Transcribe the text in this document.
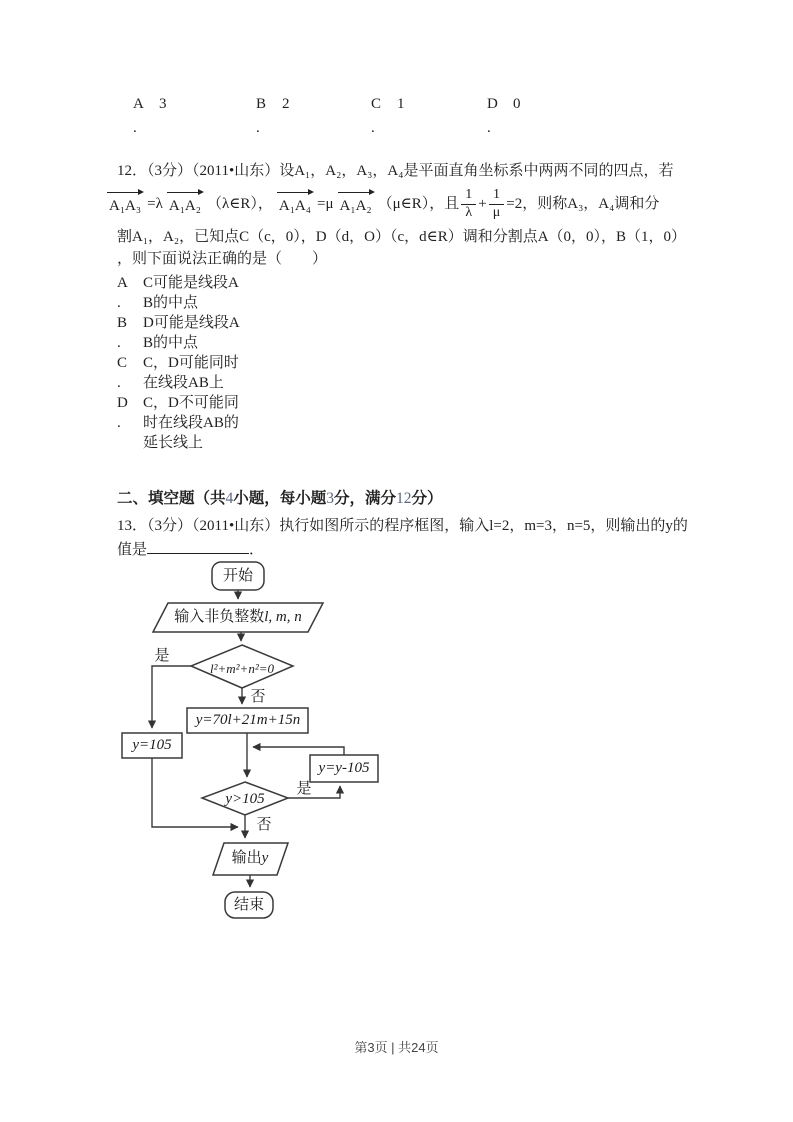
A 3
.
B 2
.
C 1
.
D 0
.
12．（3分）（2011•山东）设A₁，A₂，A₃，A₄是平面直角坐标系中两两不同的四点，若
A₁A₃ =λ A₁A₂ （λ∈R）， A₁A₄ =μ A₁A₂ （μ∈R），且 $\frac{1}{\lambda} + \frac{1}{\mu} =2$，则称A₃，A₄调和分
割A₁，A₂，已知点C（c，0），D（d，O）（c，d∈R）调和分割点A（0，0），B（1，0）
，则下面说法正确的是（　　）
A	C可能是线段A
.	B的中点
B	D可能是线段A
.	B的中点
C	C，D可能同时
.	在线段AB上
D	C，D不可能同
.	时在线段AB的
延长线上
二、填空题（共4小题，每小题3分，满分12分）
13．（3分）（2011•山东）执行如图所示的程序框图，输入l=2，m=3，n=5，则输出的y的
值是	．
开始
输入非负整数l, m, n
l²+m²+n²=0
是
否
y=70l+21m+15n
y=105
y=y-105
y>105
是
否
输出y
结束
第3页 | 共24页
